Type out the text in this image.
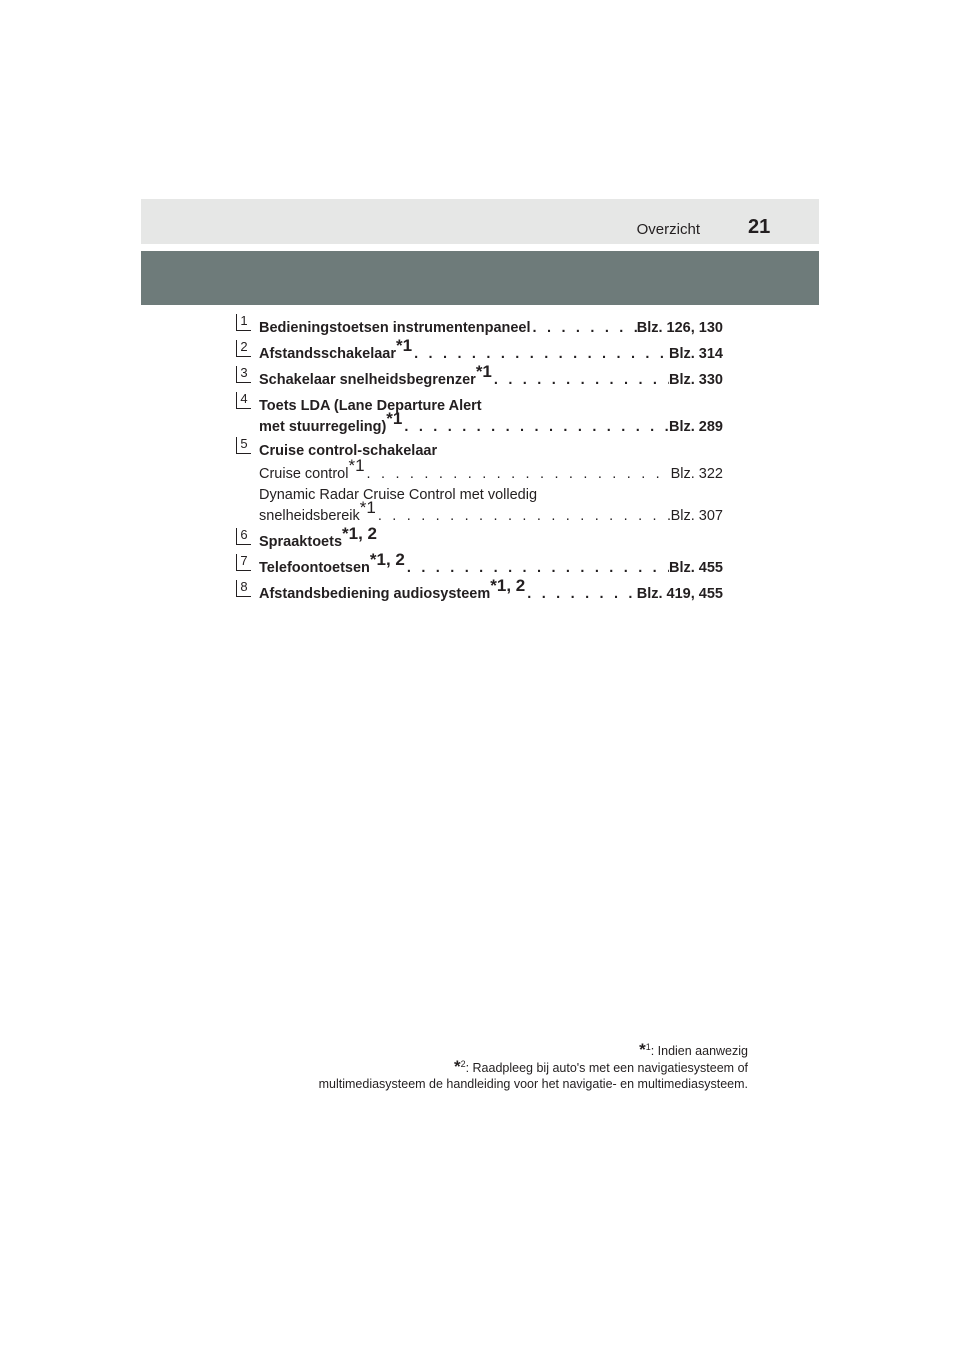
Overzicht 21
1 Bedieningstoetsen instrumentenpaneel . . .	Blz. 126, 130
2 Afstandsschakelaar$^{*1}$ . . .	Blz. 314
3 Schakelaar snelheidsbegrenzer$^{*1}$ . . .	Blz. 330
4 Toets LDA (Lane Departure Alert
met stuurregeling)$^{*1}$ . . .	Blz. 289
5 Cruise control-schakelaar
Cruise control$^{*1}$ . . .	Blz. 322
Dynamic Radar Cruise Control met volledig
snelheidsbereik$^{*1}$ . . .	Blz. 307
6 Spraaktoets$^{*1, 2}$
7 Telefoontoetsen$^{*1, 2}$ . . .	Blz. 455
8 Afstandsbediening audiosysteem$^{*1, 2}$ . . .	Blz. 419, 455
*$^1$: Indien aanwezig
*$^2$: Raadpleeg bij auto's met een navigatiesysteem of
multimediasysteem de handleiding voor het navigatie- en multimediasysteem.
